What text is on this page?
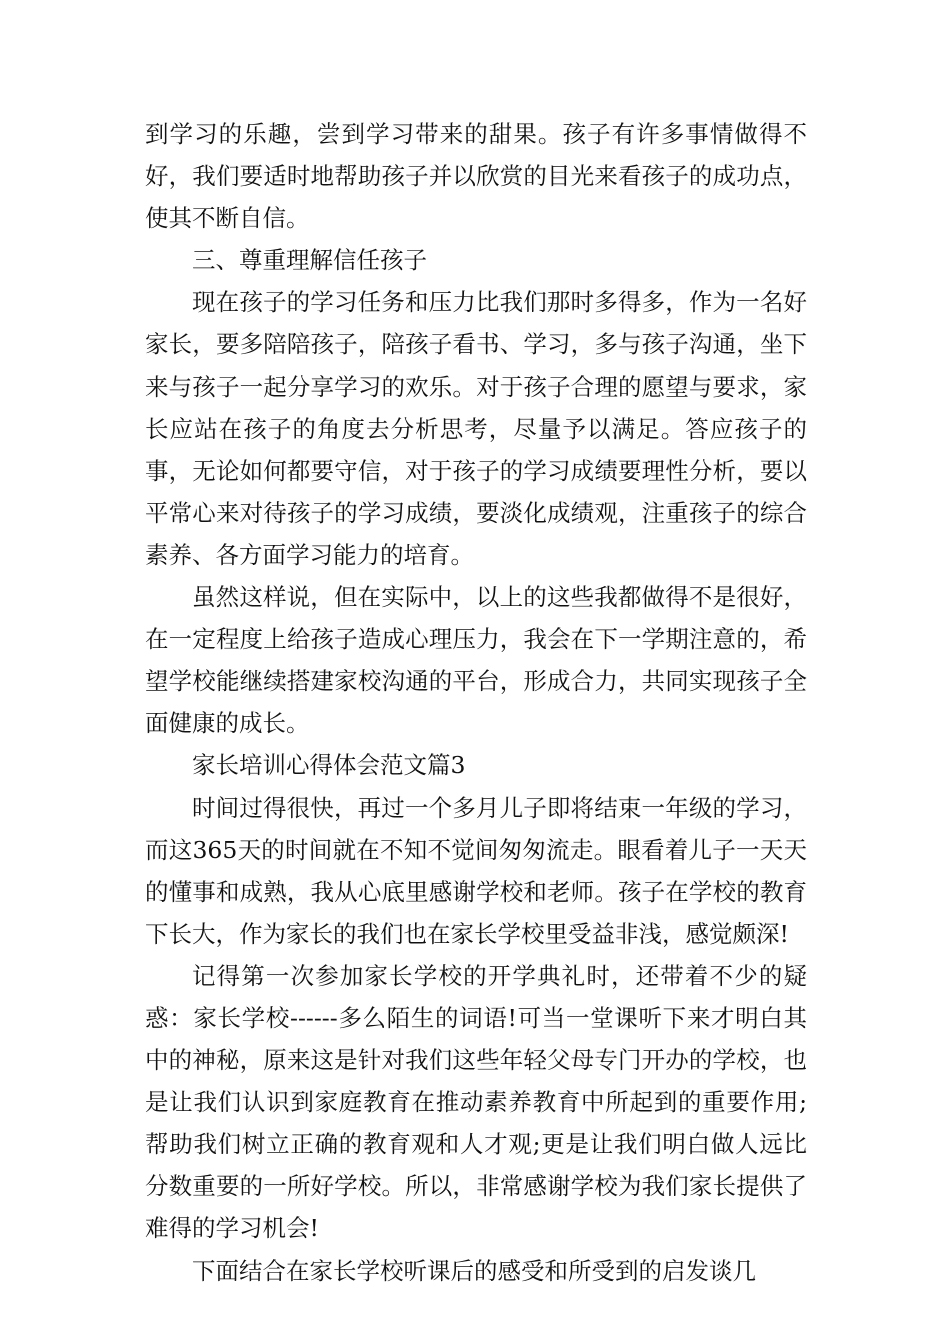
到学习的乐趣，尝到学习带来的甜果。孩子有许多事情做得不好，我们要适时地帮助孩子并以欣赏的目光来看孩子的成功点，使其不断自信。

三、尊重理解信任孩子

现在孩子的学习任务和压力比我们那时多得多，作为一名好家长，要多陪陪孩子，陪孩子看书、学习，多与孩子沟通，坐下来与孩子一起分享学习的欢乐。对于孩子合理的愿望与要求，家长应站在孩子的角度去分析思考，尽量予以满足。答应孩子的事，无论如何都要守信，对于孩子的学习成绩要理性分析，要以平常心来对待孩子的学习成绩，要淡化成绩观，注重孩子的综合素养、各方面学习能力的培育。

虽然这样说，但在实际中，以上的这些我都做得不是很好，在一定程度上给孩子造成心理压力，我会在下一学期注意的，希望学校能继续搭建家校沟通的平台，形成合力，共同实现孩子全面健康的成长。

家长培训心得体会范文篇3

时间过得很快，再过一个多月儿子即将结束一年级的学习，而这365天的时间就在不知不觉间匆匆流走。眼看着儿子一天天的懂事和成熟，我从心底里感谢学校和老师。孩子在学校的教育下长大，作为家长的我们也在家长学校里受益非浅，感觉颇深!

记得第一次参加家长学校的开学典礼时，还带着不少的疑惑：家长学校------多么陌生的词语!可当一堂课听下来才明白其中的神秘，原来这是针对我们这些年轻父母专门开办的学校，也是让我们认识到家庭教育在推动素养教育中所起到的重要作用;帮助我们树立正确的教育观和人才观;更是让我们明白做人远比分数重要的一所好学校。所以，非常感谢学校为我们家长提供了难得的学习机会!

下面结合在家长学校听课后的感受和所受到的启发谈几
